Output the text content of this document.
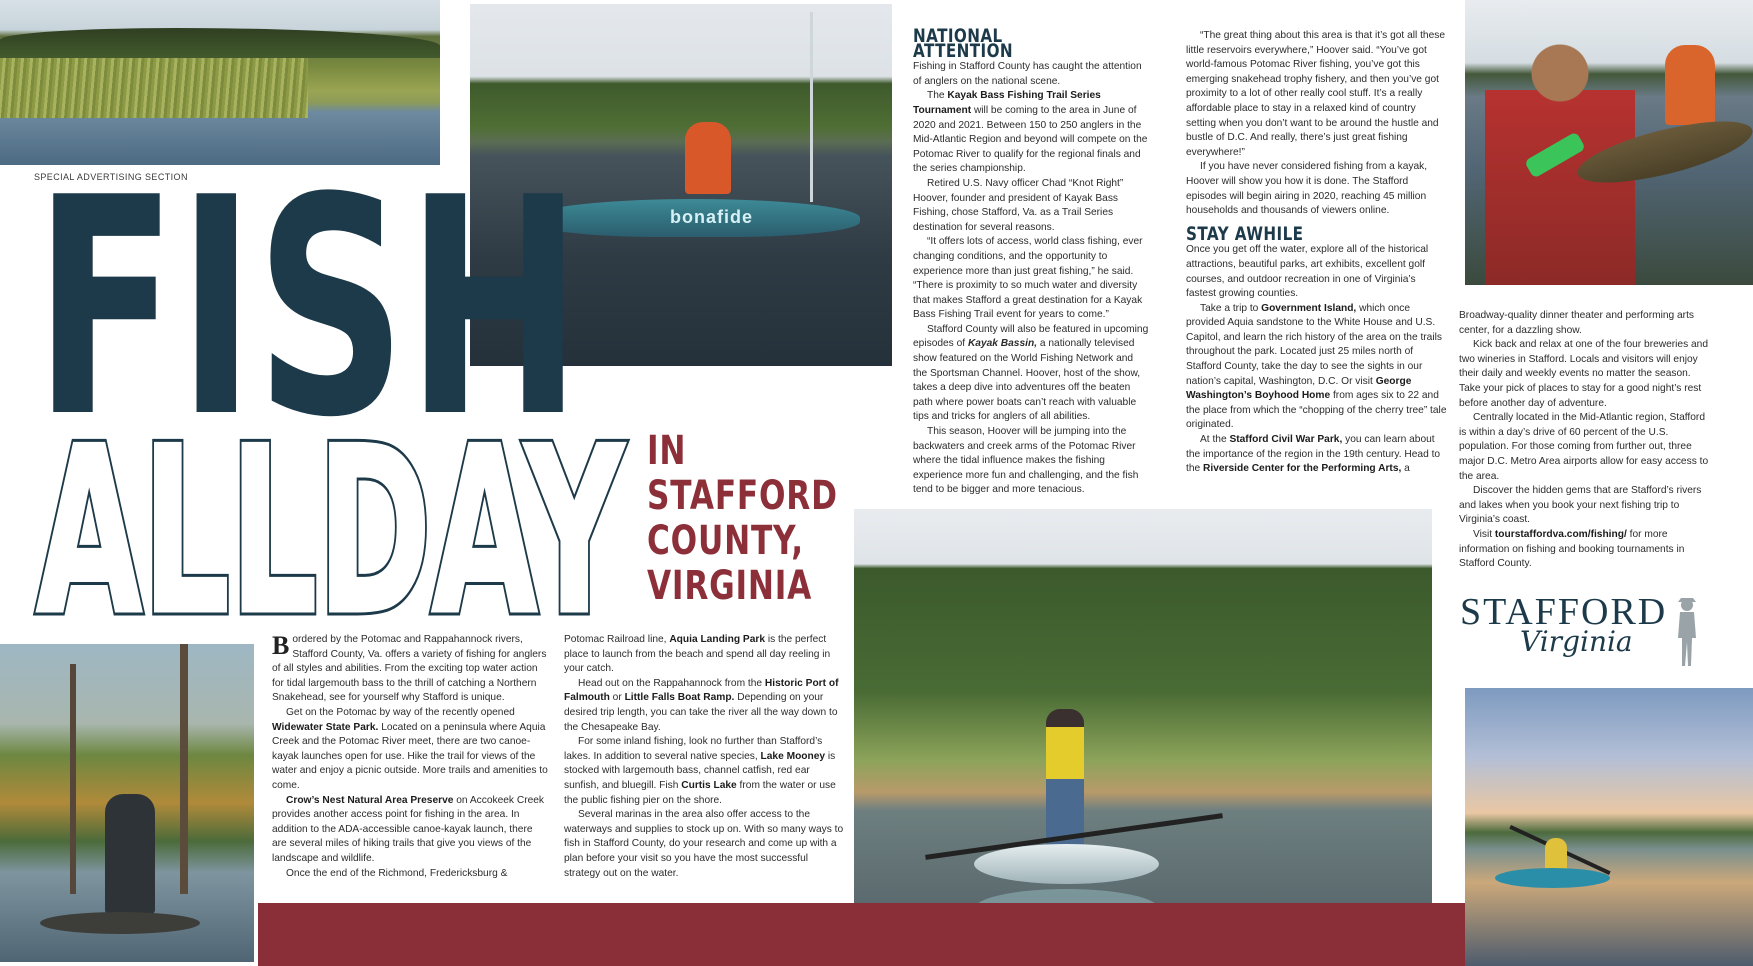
bonafide
SPECIAL ADVERTISING SECTION
FISH
ALLDAY
ALLDAY IN
STAFFORD
COUNTY,
VIRGINIA

Bordered by the Potomac and Rappahannock rivers, Stafford County, Va. offers a variety of fishing for anglers of all styles and abilities. From the exciting top water action for tidal largemouth bass to the thrill of catching a Northern Snakehead, see for yourself why Stafford is unique.

Get on the Potomac by way of the recently opened Widewater State Park. Located on a peninsula where Aquia Creek and the Potomac River meet, there are two canoe-kayak launches open for use. Hike the trail for views of the water and enjoy a picnic outside. More trails and amenities to come.

Crow’s Nest Natural Area Preserve on Accokeek Creek provides another access point for fishing in the area. In addition to the ADA-accessible canoe-kayak launch, there are several miles of hiking trails that give you views of the landscape and wildlife.

Once the end of the Richmond, Fredericksburg &

Potomac Railroad line, Aquia Landing Park is the perfect place to launch from the beach and spend all day reeling in your catch.

Head out on the Rappahannock from the Historic Port of Falmouth or Little Falls Boat Ramp. Depending on your desired trip length, you can take the river all the way down to the Chesapeake Bay.

For some inland fishing, look no further than Stafford’s lakes. In addition to several native species, Lake Mooney is stocked with largemouth bass, channel catfish, red ear sunfish, and bluegill. Fish Curtis Lake from the water or use the public fishing pier on the shore.

Several marinas in the area also offer access to the waterways and supplies to stock up on. With so many ways to fish in Stafford County, do your research and come up with a plan before your visit so you have the most successful strategy out on the water.

NATIONAL ATTENTION

Fishing in Stafford County has caught the attention of anglers on the national scene.

The Kayak Bass Fishing Trail Series Tournament will be coming to the area in June of 2020 and 2021. Between 150 to 250 anglers in the Mid-Atlantic Region and beyond will compete on the Potomac River to qualify for the regional finals and the series championship.

Retired U.S. Navy officer Chad “Knot Right” Hoover, founder and president of Kayak Bass Fishing, chose Stafford, Va. as a Trail Series destination for several reasons.

“It offers lots of access, world class fishing, ever changing conditions, and the opportunity to experience more than just great fishing,” he said. “There is proximity to so much water and diversity that makes Stafford a great destination for a Kayak Bass Fishing Trail event for years to come.”

Stafford County will also be featured in upcoming episodes of Kayak Bassin, a nationally televised show featured on the World Fishing Network and the Sportsman Channel. Hoover, host of the show, takes a deep dive into adventures off the beaten path where power boats can’t reach with valuable tips and tricks for anglers of all abilities.

This season, Hoover will be jumping into the backwaters and creek arms of the Potomac River where the tidal influence makes the fishing experience more fun and challenging, and the fish tend to be bigger and more tenacious.

“The great thing about this area is that it’s got all these little reservoirs everywhere,” Hoover said. “You’ve got world-famous Potomac River fishing, you’ve got this emerging snakehead trophy fishery, and then you’ve got proximity to a lot of other really cool stuff. It’s a really affordable place to stay in a relaxed kind of country setting when you don’t want to be around the hustle and bustle of D.C. And really, there’s just great fishing everywhere!”

If you have never considered fishing from a kayak, Hoover will show you how it is done. The Stafford episodes will begin airing in 2020, reaching 45 million households and thousands of viewers online.

STAY AWHILE

Once you get off the water, explore all of the historical attractions, beautiful parks, art exhibits, excellent golf courses, and outdoor recreation in one of Virginia’s fastest growing counties.

Take a trip to Government Island, which once provided Aquia sandstone to the White House and U.S. Capitol, and learn the rich history of the area on the trails throughout the park. Located just 25 miles north of Stafford County, take the day to see the sights in our nation’s capital, Washington, D.C. Or visit George Washington’s Boyhood Home from ages six to 22 and the place from which the “chopping of the cherry tree” tale originated.

At the Stafford Civil War Park, you can learn about the importance of the region in the 19th century. Head to the Riverside Center for the Performing Arts, a

Broadway-quality dinner theater and performing arts center, for a dazzling show.

Kick back and relax at one of the four breweries and two wineries in Stafford. Locals and visitors will enjoy their daily and weekly events no matter the season. Take your pick of places to stay for a good night’s rest before another day of adventure.

Centrally located in the Mid-Atlantic region, Stafford is within a day’s drive of 60 percent of the U.S. population. For those coming from further out, three major D.C. Metro Area airports allow for easy access to the area.

Discover the hidden gems that are Stafford’s rivers and lakes when you book your next fishing trip to Virginia’s coast.

Visit tourstaffordva.com/fishing/ for more information on fishing and booking tournaments in Stafford County.

STAFFORD
Virginia
